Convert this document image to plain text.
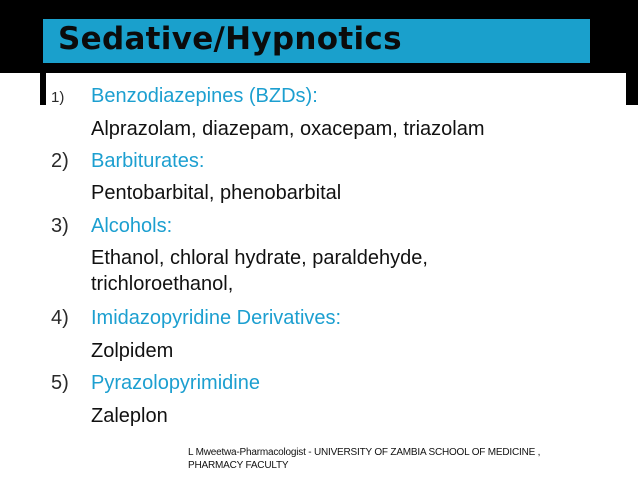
Sedative/Hypnotics
1) Benzodiazepines (BZDs):
Alprazolam, diazepam, oxacepam, triazolam
2) Barbiturates:
Pentobarbital, phenobarbital
3) Alcohols:
Ethanol, chloral hydrate, paraldehyde,
trichloroethanol,
4) Imidazopyridine Derivatives:
Zolpidem
5) Pyrazolopyrimidine
Zaleplon
L Mweetwa-Pharmacologist - UNIVERSITY OF ZAMBIA SCHOOL OF MEDICINE ,
PHARMACY FACULTY
